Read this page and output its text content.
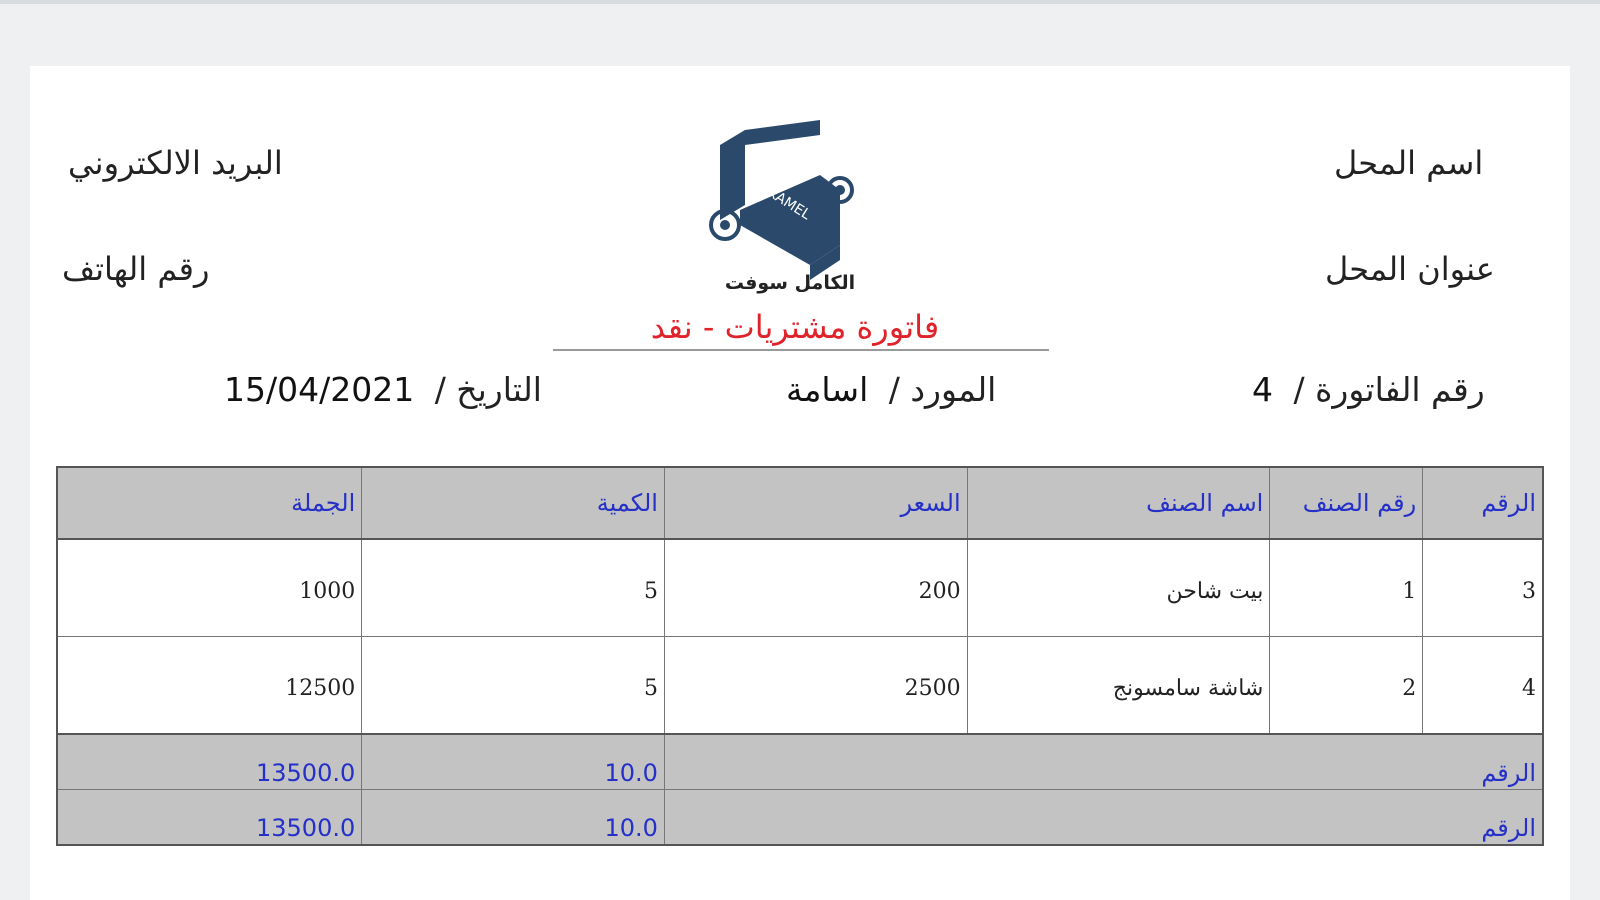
اسم المحل
عنوان المحل
البريد الالكتروني
رقم الهاتف
SOFT
AL-KAMEL
الكامل سوفت
فاتورة مشتريات - نقد
رقم الفاتورة / 4
المورد / اسامة
التاريخ / 15/04/2021
الرقم	رقم الصنف	اسم الصنف	السعر	الكمية	الجملة
3	1	بيت شاحن	200	5	1000
4	2	شاشة سامسونج	2500	5	12500
الرقم				10.0	13500.0
الرقم				10.0	13500.0
